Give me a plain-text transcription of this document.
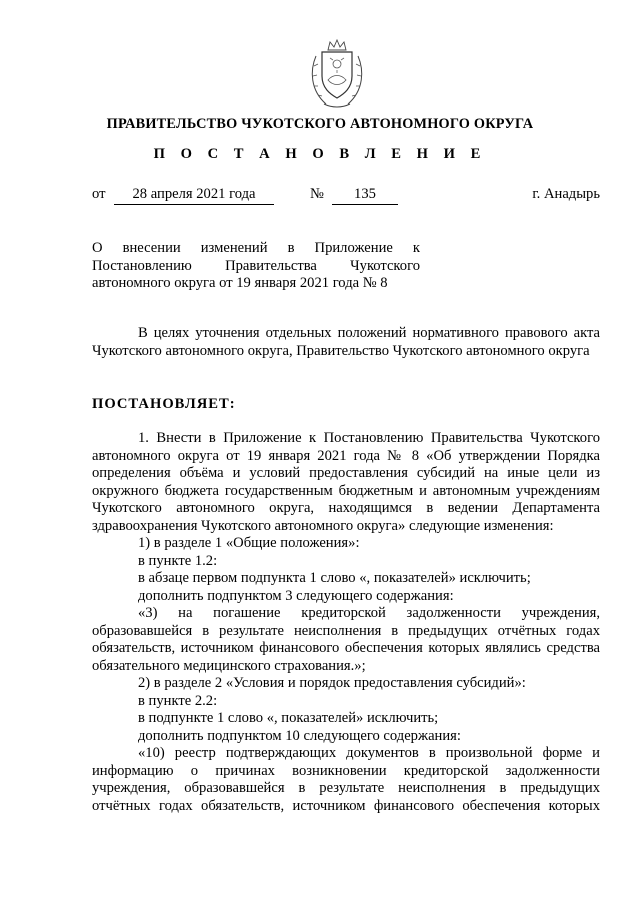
ПРАВИТЕЛЬСТВО ЧУКОТСКОГО АВТОНОМНОГО ОКРУГА
П О С Т А Н О В Л Е Н И Е
от	28 апреля 2021 года	№	135	г. Анадырь
О внесении изменений в Приложение к Постановлению Правительства Чукотского автономного округа от 19 января 2021 года № 8
В целях уточнения отдельных положений нормативного правового акта Чукотского автономного округа, Правительство Чукотского автономного округа
ПОСТАНОВЛЯЕТ:

1. Внести в Приложение к Постановлению Правительства Чукотского автономного округа от 19 января 2021 года № 8 «Об утверждении Порядка определения объёма и условий предоставления субсидий на иные цели из окружного бюджета государственным бюджетным и автономным учреждениям Чукотского автономного округа, находящимся в ведении Департамента здравоохранения Чукотского автономного округа» следующие изменения:

1) в разделе 1 «Общие положения»:

в пункте 1.2:

в абзаце первом подпункта 1 слово «, показателей» исключить;

дополнить подпунктом 3 следующего содержания:

«3) на погашение кредиторской задолженности учреждения, образовавшейся в результате неисполнения в предыдущих отчётных годах обязательств, источником финансового обеспечения которых являлись средства обязательного медицинского страхования.»;

2) в разделе 2 «Условия и порядок предоставления субсидий»:

в пункте 2.2:

в подпункте 1 слово «, показателей» исключить;

дополнить подпунктом 10 следующего содержания:

«10) реестр подтверждающих документов в произвольной форме и информацию о причинах возникновении кредиторской задолженности учреждения, образовавшейся в результате неисполнения в предыдущих отчётных годах обязательств, источником финансового обеспечения которых
